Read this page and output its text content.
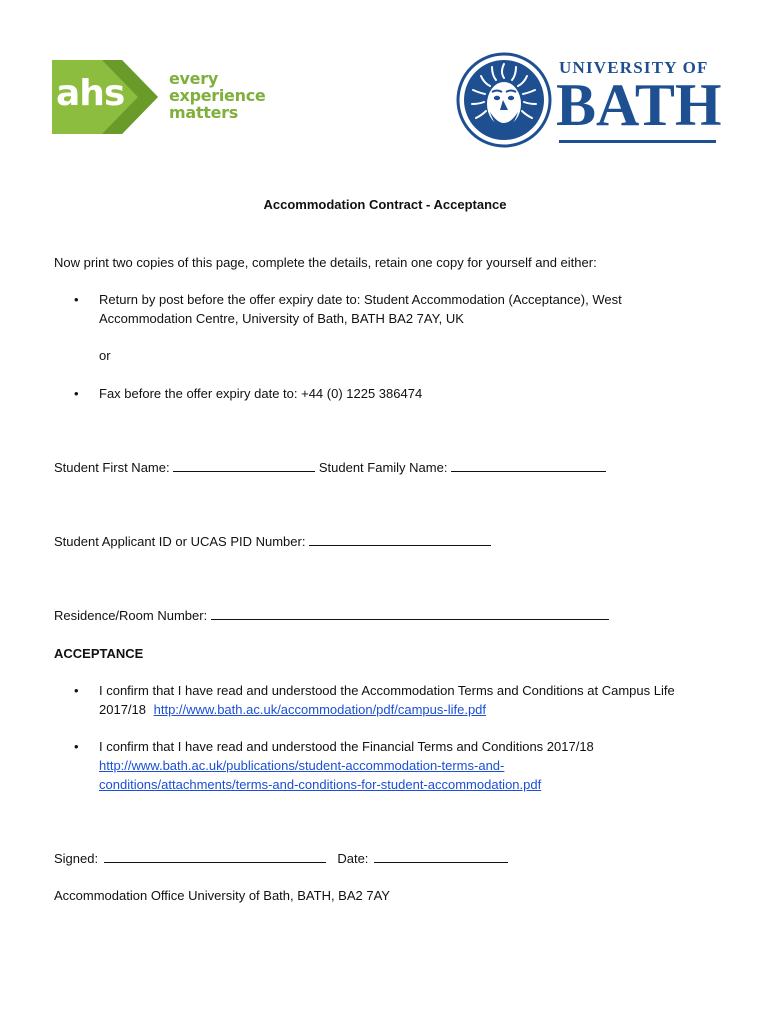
ahs	every
experience
matters
UNIVERSITY OF
BATH
Accommodation Contract - Acceptance
Now print two copies of this page, complete the details, retain one copy for yourself and either:
• Return by post before the offer expiry date to: Student Accommodation (Acceptance), West
Accommodation Centre, University of Bath, BATH BA2 7AY, UK
or
• Fax before the offer expiry date to: +44 (0) 1225 386474
Student First Name:	Student Family Name:
Student Applicant ID or UCAS PID Number:
Residence/Room Number:
ACCEPTANCE
• I confirm that I have read and understood the Accommodation Terms and Conditions at Campus Life
2017/18 http://www.bath.ac.uk/accommodation/pdf/campus-life.pdf
• I confirm that I have read and understood the Financial Terms and Conditions 2017/18
http://www.bath.ac.uk/publications/student-accommodation-terms-and-
conditions/attachments/terms-and-conditions-for-student-accommodation.pdf
Signed:	Date:
Accommodation Office University of Bath, BATH, BA2 7AY
